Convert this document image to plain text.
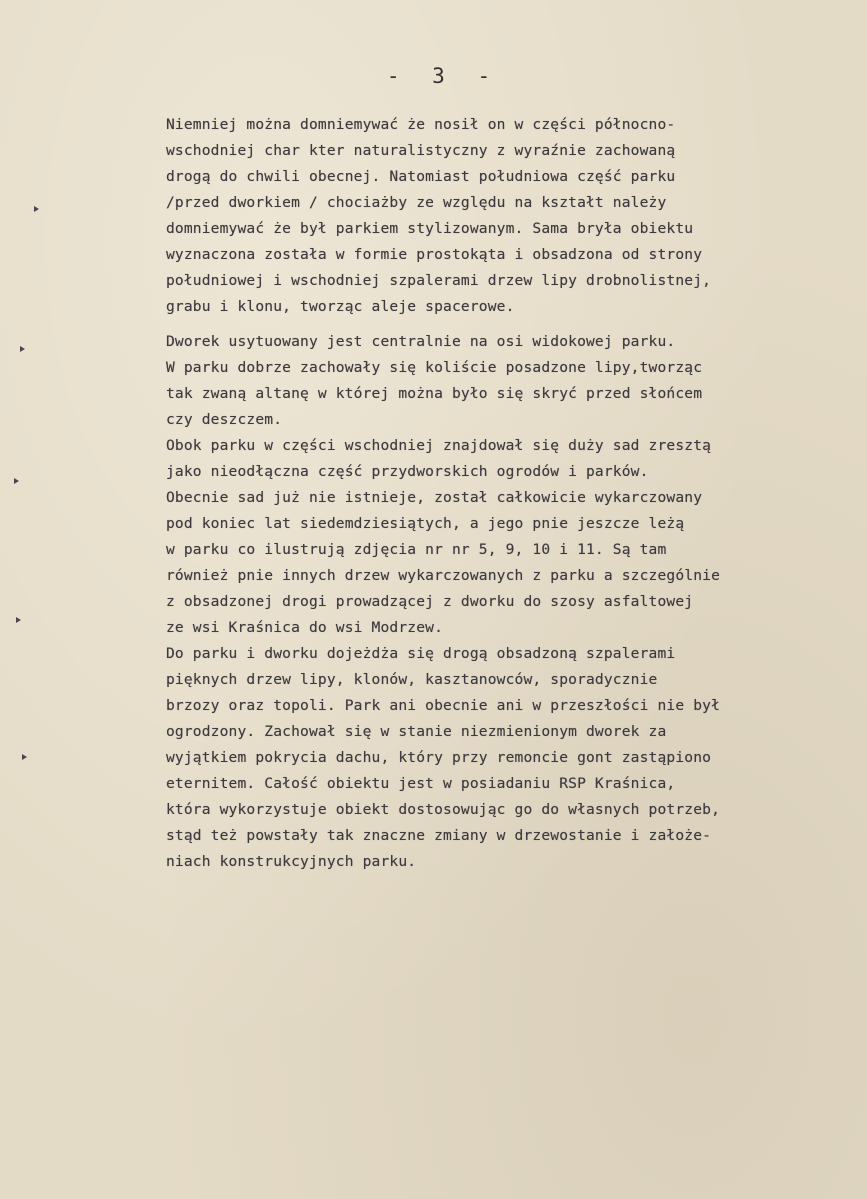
- 3 -
Niemniej można domniemywać że nosił on w części północno-
wschodniej char kter naturalistyczny z wyraźnie zachowaną
drogą do chwili obecnej. Natomiast południowa część parku
/przed dworkiem / chociażby ze względu na kształt należy
domniemywać że był parkiem stylizowanym. Sama bryła obiektu
wyznaczona została w formie prostokąta i obsadzona od strony
południowej i wschodniej szpalerami drzew lipy drobnolistnej,
grabu i klonu, tworząc aleje spacerowe.
Dworek usytuowany jest centralnie na osi widokowej parku.
W parku dobrze zachowały się koliście posadzone lipy,tworząc
tak zwaną altanę w której można było się skryć przed słońcem
czy deszczem.
Obok parku w części wschodniej znajdował się duży sad zresztą
jako nieodłączna część przydworskich ogrodów i parków.
Obecnie sad już nie istnieje, został całkowicie wykarczowany
pod koniec lat siedemdziesiątych, a jego pnie jeszcze leżą
w parku co ilustrują zdjęcia nr nr 5, 9, 10 i 11. Są tam
również pnie innych drzew wykarczowanych z parku a szczególnie
z obsadzonej drogi prowadzącej z dworku do szosy asfaltowej
ze wsi Kraśnica do wsi Modrzew.
Do parku i dworku dojeżdża się drogą obsadzoną szpalerami
pięknych drzew lipy, klonów, kasztanowców, sporadycznie
brzozy oraz topoli. Park ani obecnie ani w przeszłości nie był
ogrodzony. Zachował się w stanie niezmienionym dworek za
wyjątkiem pokrycia dachu, który przy remoncie gont zastąpiono
eternitem. Całość obiektu jest w posiadaniu RSP Kraśnica,
która wykorzystuje obiekt dostosowując go do własnych potrzeb,
stąd też powstały tak znaczne zmiany w drzewostanie i założe-
niach konstrukcyjnych parku.
